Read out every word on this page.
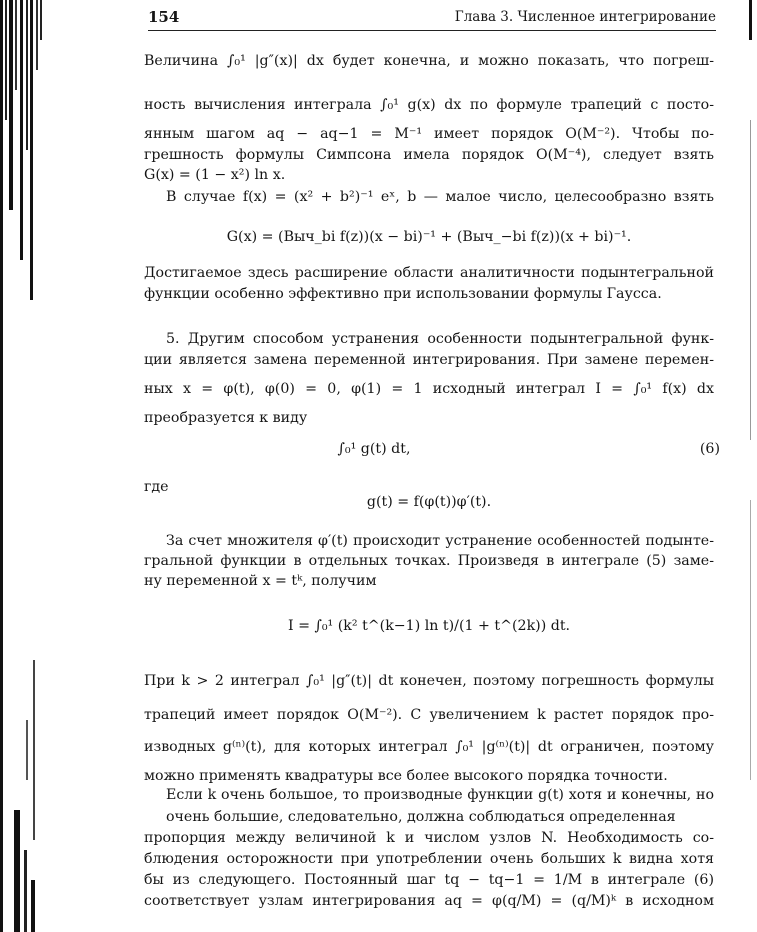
154	Глава 3. Численное интегрирование
Величина ∫₀¹ |g″(x)| dx будет конечна, и можно показать, что погреш-
ность вычисления интеграла ∫₀¹ g(x) dx по формуле трапеций с посто-
янным шагом aq − aq−1 = M⁻¹ имеет порядок O(M⁻²). Чтобы по-
грешность формулы Симпсона имела порядок O(M⁻⁴), следует взять
G(x) = (1 − x²) ln x.
В случае f(x) = (x² + b²)⁻¹ eˣ, b — малое число, целесообразно взять
G(x) = (Выч_bi f(z))(x − bi)⁻¹ + (Выч_−bi f(z))(x + bi)⁻¹.
Достигаемое здесь расширение области аналитичности подынтегральной
функции особенно эффективно при использовании формулы Гаусса.
5. Другим способом устранения особенности подынтегральной функ-
ции является замена переменной интегрирования. При замене перемен-
ных x = φ(t), φ(0) = 0, φ(1) = 1 исходный интеграл I = ∫₀¹ f(x) dx
преобразуется к виду
∫₀¹ g(t) dt,	(6)
где
g(t) = f(φ(t))φ′(t).
За счет множителя φ′(t) происходит устранение особенностей подынте-
гральной функции в отдельных точках. Произведя в интеграле (5) заме-
ну переменной x = tᵏ, получим
I = ∫₀¹ (k² t^(k−1) ln t)/(1 + t^(2k)) dt.
При k > 2 интеграл ∫₀¹ |g″(t)| dt конечен, поэтому погрешность формулы
трапеций имеет порядок O(M⁻²). С увеличением k растет порядок про-
изводных g⁽ⁿ⁾(t), для которых интеграл ∫₀¹ |g⁽ⁿ⁾(t)| dt ограничен, поэтому
можно применять квадратуры все более высокого порядка точности.
Если k очень большое, то производные функции g(t) хотя и конечны, но очень большие, следовательно, должна соблюдаться определенная
пропорция между величиной k и числом узлов N. Необходимость со-
блюдения осторожности при употреблении очень больших k видна хотя
бы из следующего. Постоянный шаг tq − tq−1 = 1/M в интеграле (6)
соответствует узлам интегрирования aq = φ(q/M) = (q/M)ᵏ в исходном
